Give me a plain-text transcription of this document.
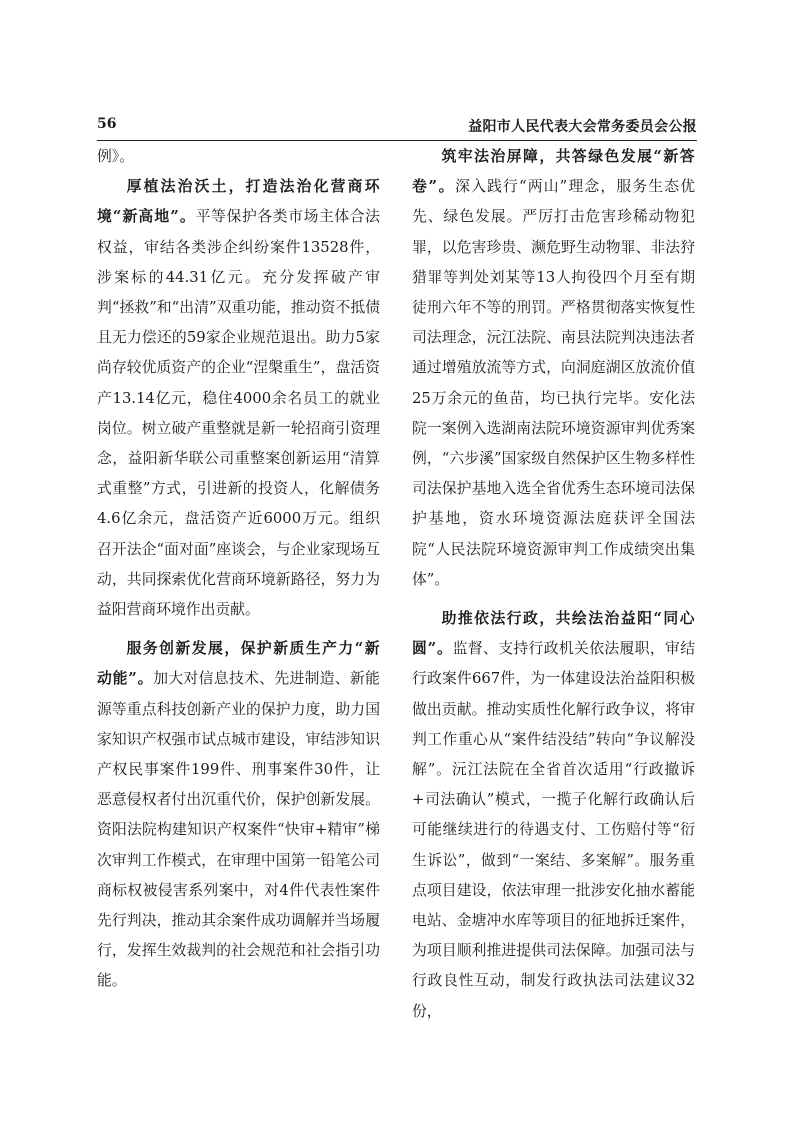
56	益阳市人民代表大会常务委员会公报

例》。

厚植法治沃土，打造法治化营商环境“新高地”。平等保护各类市场主体合法权益，审结各类涉企纠纷案件13528件，涉案标的44.31亿元。充分发挥破产审判“拯救”和“出清”双重功能，推动资不抵债且无力偿还的59家企业规范退出。助力5家尚存较优质资产的企业“涅槃重生”，盘活资产13.14亿元，稳住4000余名员工的就业岗位。树立破产重整就是新一轮招商引资理念，益阳新华联公司重整案创新运用“清算式重整”方式，引进新的投资人，化解债务4.6亿余元，盘活资产近6000万元。组织召开法企“面对面”座谈会，与企业家现场互动，共同探索优化营商环境新路径，努力为益阳营商环境作出贡献。

服务创新发展，保护新质生产力“新动能”。加大对信息技术、先进制造、新能源等重点科技创新产业的保护力度，助力国家知识产权强市试点城市建设，审结涉知识产权民事案件199件、刑事案件30件，让恶意侵权者付出沉重代价，保护创新发展。资阳法院构建知识产权案件“快审+精审”梯次审判工作模式，在审理中国第一铅笔公司商标权被侵害系列案中，对4件代表性案件先行判决，推动其余案件成功调解并当场履行，发挥生效裁判的社会规范和社会指引功能。

筑牢法治屏障，共答绿色发展“新答卷”。深入践行“两山”理念，服务生态优先、绿色发展。严厉打击危害珍稀动物犯罪，以危害珍贵、濒危野生动物罪、非法狩猎罪等判处刘某等13人拘役四个月至有期徒刑六年不等的刑罚。严格贯彻落实恢复性司法理念，沅江法院、南县法院判决违法者通过增殖放流等方式，向洞庭湖区放流价值25万余元的鱼苗，均已执行完毕。安化法院一案例入选湖南法院环境资源审判优秀案例，“六步溪”国家级自然保护区生物多样性司法保护基地入选全省优秀生态环境司法保护基地，资水环境资源法庭获评全国法院“人民法院环境资源审判工作成绩突出集体”。

助推依法行政，共绘法治益阳“同心圆”。监督、支持行政机关依法履职，审结行政案件667件，为一体建设法治益阳积极做出贡献。推动实质性化解行政争议，将审判工作重心从“案件结没结”转向“争议解没解”。沅江法院在全省首次适用“行政撤诉+司法确认”模式，一揽子化解行政确认后可能继续进行的待遇支付、工伤赔付等“衍生诉讼”，做到“一案结、多案解”。服务重点项目建设，依法审理一批涉安化抽水蓄能电站、金塘冲水库等项目的征地拆迁案件，为项目顺利推进提供司法保障。加强司法与行政良性互动，制发行政执法司法建议32份，
